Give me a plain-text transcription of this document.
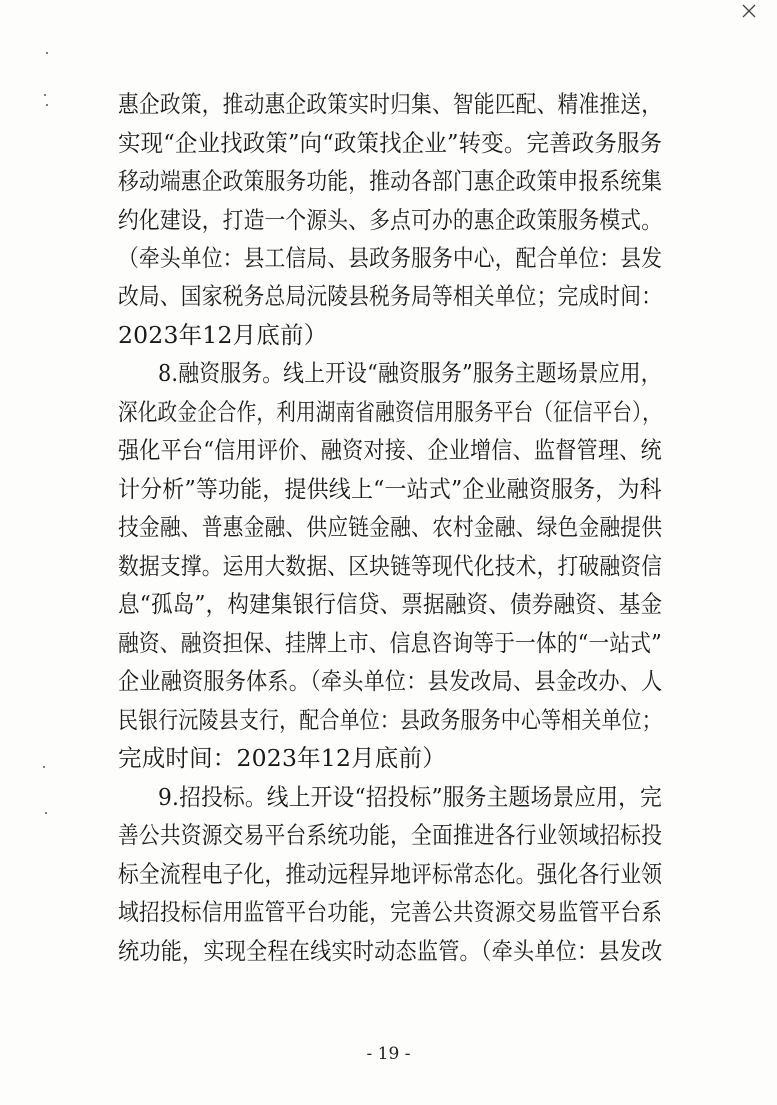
惠企政策，推动惠企政策实时归集、智能匹配、精准推送，
实现“企业找政策”向“政策找企业”转变。完善政务服务
移动端惠企政策服务功能，推动各部门惠企政策申报系统集
约化建设，打造一个源头、多点可办的惠企政策服务模式。
（牵头单位：县工信局、县政务服务中心，配合单位：县发
改局、国家税务总局沅陵县税务局等相关单位；完成时间：
2023年12月底前）
8.融资服务。线上开设“融资服务”服务主题场景应用，
深化政金企合作，利用湖南省融资信用服务平台（征信平台），
强化平台“信用评价、融资对接、企业增信、监督管理、统
计分析”等功能，提供线上“一站式”企业融资服务，为科
技金融、普惠金融、供应链金融、农村金融、绿色金融提供
数据支撑。运用大数据、区块链等现代化技术，打破融资信
息“孤岛”，构建集银行信贷、票据融资、债券融资、基金
融资、融资担保、挂牌上市、信息咨询等于一体的“一站式”
企业融资服务体系。（牵头单位：县发改局、县金改办、人
民银行沅陵县支行，配合单位：县政务服务中心等相关单位；
完成时间：2023年12月底前）
9.招投标。线上开设“招投标”服务主题场景应用，完
善公共资源交易平台系统功能，全面推进各行业领域招标投
标全流程电子化，推动远程异地评标常态化。强化各行业领
域招投标信用监管平台功能，完善公共资源交易监管平台系
统功能，实现全程在线实时动态监管。（牵头单位：县发改
- 19 -
